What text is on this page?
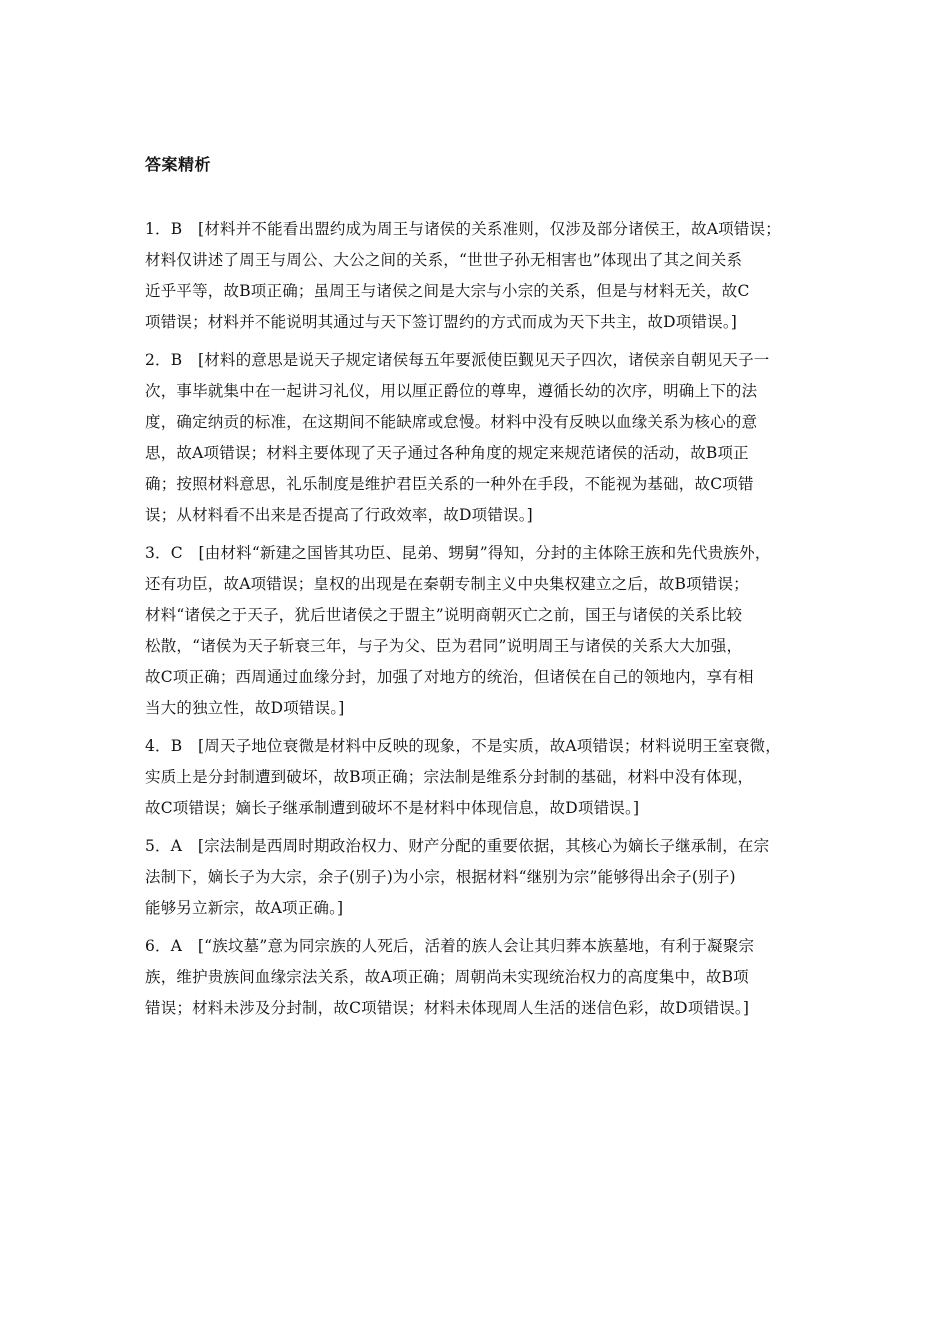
答案精析
1．B　[材料并不能看出盟约成为周王与诸侯的关系准则，仅涉及部分诸侯王，故A项错误；
材料仅讲述了周王与周公、大公之间的关系，“世世子孙无相害也”体现出了其之间关系
近乎平等，故B项正确；虽周王与诸侯之间是大宗与小宗的关系，但是与材料无关，故C
项错误；材料并不能说明其通过与天下签订盟约的方式而成为天下共主，故D项错误。]
2．B　[材料的意思是说天子规定诸侯每五年要派使臣觐见天子四次，诸侯亲自朝见天子一
次，事毕就集中在一起讲习礼仪，用以厘正爵位的尊卑，遵循长幼的次序，明确上下的法
度，确定纳贡的标准，在这期间不能缺席或怠慢。材料中没有反映以血缘关系为核心的意
思，故A项错误；材料主要体现了天子通过各种角度的规定来规范诸侯的活动，故B项正
确；按照材料意思，礼乐制度是维护君臣关系的一种外在手段，不能视为基础，故C项错
误；从材料看不出来是否提高了行政效率，故D项错误。]
3．C　[由材料“新建之国皆其功臣、昆弟、甥舅”得知，分封的主体除王族和先代贵族外，
还有功臣，故A项错误；皇权的出现是在秦朝专制主义中央集权建立之后，故B项错误；
材料“诸侯之于天子，犹后世诸侯之于盟主”说明商朝灭亡之前，国王与诸侯的关系比较
松散，“诸侯为天子斩衰三年，与子为父、臣为君同”说明周王与诸侯的关系大大加强，
故C项正确；西周通过血缘分封，加强了对地方的统治，但诸侯在自己的领地内，享有相
当大的独立性，故D项错误。]
4．B　[周天子地位衰微是材料中反映的现象，不是实质，故A项错误；材料说明王室衰微，
实质上是分封制遭到破坏，故B项正确；宗法制是维系分封制的基础，材料中没有体现，
故C项错误；嫡长子继承制遭到破坏不是材料中体现信息，故D项错误。]
5．A　[宗法制是西周时期政治权力、财产分配的重要依据，其核心为嫡长子继承制，在宗
法制下，嫡长子为大宗，余子(别子)为小宗，根据材料“继别为宗”能够得出余子(别子)
能够另立新宗，故A项正确。]
6．A　[“族坟墓”意为同宗族的人死后，活着的族人会让其归葬本族墓地，有利于凝聚宗
族，维护贵族间血缘宗法关系，故A项正确；周朝尚未实现统治权力的高度集中，故B项
错误；材料未涉及分封制，故C项错误；材料未体现周人生活的迷信色彩，故D项错误。]
